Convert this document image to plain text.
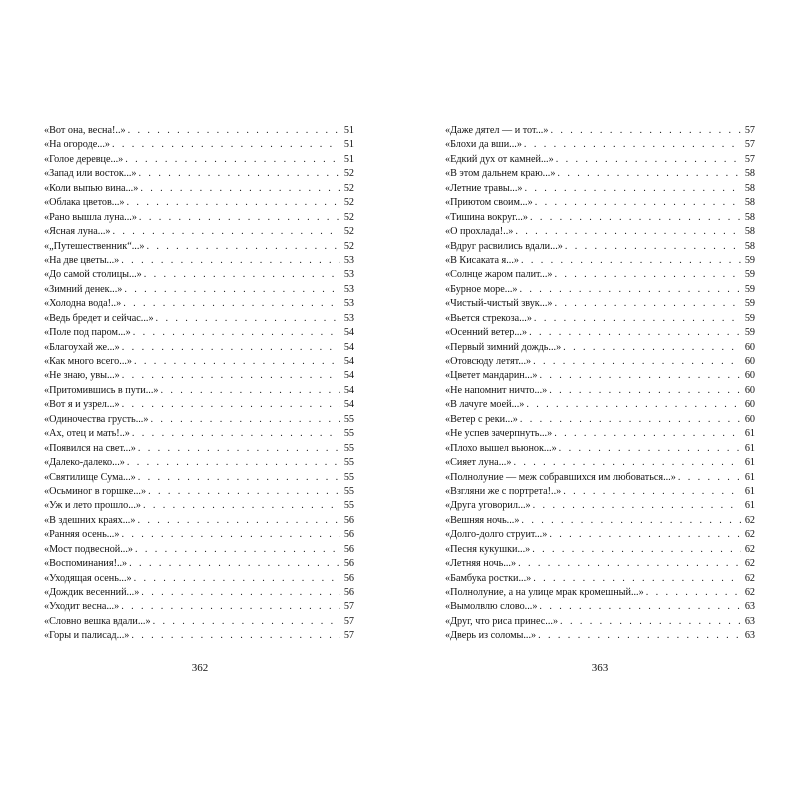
«Вот она, весна!..» . . .	51
«На огороде...» . . .	51
«Голое деревце...» . . .	51
«Запад или восток...» . . .	52
«Коли выпью вина...» . . .	52
«Облака цветов...» . . .	52
«Рано вышла луна...» . . .	52
«Ясная луна...» . . .	52
«„Путешественник“...» . . .	52
«На две цветы...» . . .	53
«До самой столицы...» . . .	53
«Зимний денек...» . . .	53
«Холодна вода!..» . . .	53
«Ведь бредет и сейчас...» . . .	53
«Поле под паром...» . . .	54
«Благоухай же...» . . .	54
«Как много всего...» . . .	54
«Не знаю, увы...» . . .	54
«Притомившись в пути...» . . .	54
«Вот я и узрел...» . . .	54
«Одиночества грусть...» . . .	55
«Ах, отец и мать!..» . . .	55
«Появился на свет...» . . .	55
«Далеко-далеко...» . . .	55
«Святилище Сума...» . . .	55
«Осьминог в горшке...» . . .	55
«Уж и лето прошло...» . . .	55
«В здешних краях...» . . .	56
«Ранняя осень...» . . .	56
«Мост подвесной...» . . .	56
«Воспоминания!..» . . .	56
«Уходящая осень...» . . .	56
«Дождик весенний...» . . .	56
«Уходит весна...» . . .	57
«Словно вешка вдали...» . . .	57
«Горы и палисад...» . . .	57
«Даже дятел — и тот...» . . .	57
«Блохи да вши...» . . .	57
«Едкий дух от камней...» . . .	57
«В этом дальнем краю...» . . .	58
«Летние травы...» . . .	58
«Приютом своим...» . . .	58
«Тишина вокруг...» . . .	58
«О прохлада!..» . . .	58
«Вдруг расвились вдали...» . . .	58
«В Кисаката я...» . . .	59
«Солнце жаром палит...» . . .	59
«Бурное море...» . . .	59
«Чистый-чистый звук...» . . .	59
«Вьется стрекоза...» . . .	59
«Осенний ветер...» . . .	59
«Первый зимний дождь...» . . .	60
«Отовсюду летят...» . . .	60
«Цветет мандарин...» . . .	60
«Не напомнит ничто...» . . .	60
«В лачуге моей...» . . .	60
«Ветер с реки...» . . .	60
«Не успев зачерпнуть...» . . .	61
«Плохо вышел вьюнок...» . . .	61
«Сияет луна...» . . .	61
«Полнолуние — меж собравшихся им любоваться...» . . .	61
«Взгляни же с портрета!..» . . .	61
«Друга уговорил...» . . .	61
«Вешняя ночь...» . . .	62
«Долго-долго струит...» . . .	62
«Песня кукушки...» . . .	62
«Летняя ночь...» . . .	62
«Бамбука ростки...» . . .	62
«Полнолуние, а на улице мрак кромешный...» . . .	62
«Вымолвлю слово...» . . .	63
«Друг, что риса принес...» . . .	63
«Дверь из соломы...» . . .	63
362	363
